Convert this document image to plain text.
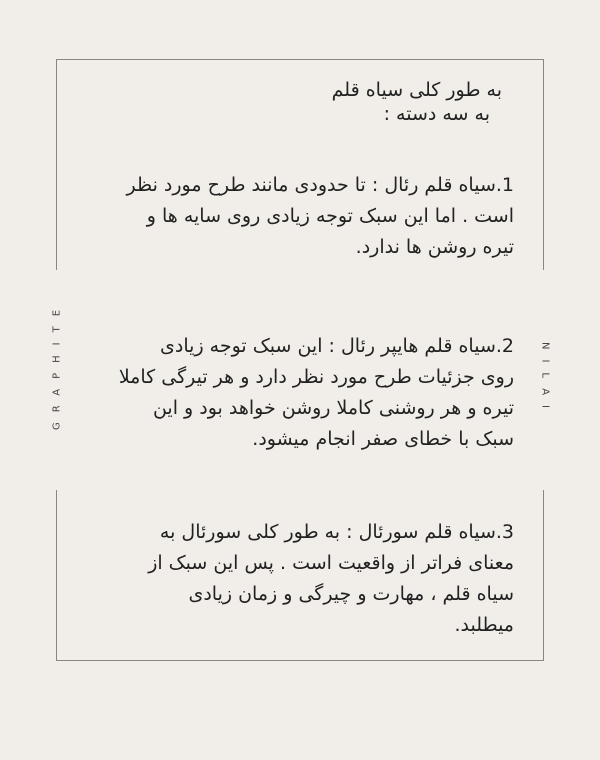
به طور کلی سیاه قلم
به سه دسته :
1.سیاه قلم رئال : تا حدودی مانند طرح مورد نظر
است . اما این سبک توجه زیادی روی سایه ها و
تیره روشن ها ندارد.
2.سیاه قلم هایپر رئال : این سبک توجه زیادی
روی جزئیات طرح مورد نظر دارد و هر تیرگی کاملا
تیره و هر روشنی کاملا روشن خواهد بود و این
سبک با خطای صفر انجام میشود.
3.سیاه قلم سورئال : به طور کلی سورئال به
معنای فراتر از واقعیت است . پس این سبک از
سیاه قلم ، مهارت و چیرگی و زمان زیادی
میطلبد.
GRAPHITE	NILAI
